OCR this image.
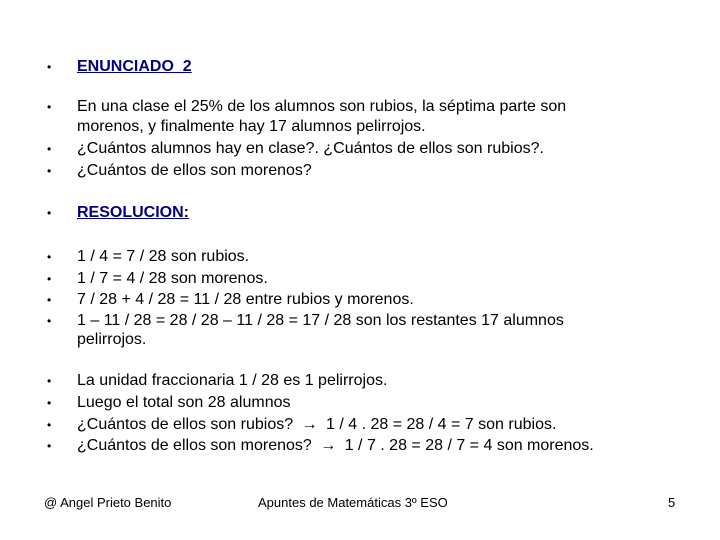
• ENUNCIADO_2
• En una clase el 25% de los alumnos son rubios, la séptima parte son
morenos, y finalmente hay 17 alumnos pelirrojos.
• ¿Cuántos alumnos hay en clase?. ¿Cuántos de ellos son rubios?.
• ¿Cuántos de ellos son morenos?
• RESOLUCION:
• 1 / 4 = 7 / 28 son rubios.
• 1 / 7 = 4 / 28 son morenos.
• 7 / 28 + 4 / 28 = 11 / 28 entre rubios y morenos.
• 1 – 11 / 28 = 28 / 28 – 11 / 28 = 17 / 28 son los restantes 17 alumnos
pelirrojos.
• La unidad fraccionaria 1 / 28 es 1 pelirrojos.
• Luego el total son 28 alumnos
• ¿Cuántos de ellos son rubios? → 1 / 4 . 28 = 28 / 4 = 7 son rubios.
• ¿Cuántos de ellos son morenos? → 1 / 7 . 28 = 28 / 7 = 4 son morenos.
@ Angel Prieto Benito	Apuntes de Matemáticas 3º ESO	5
